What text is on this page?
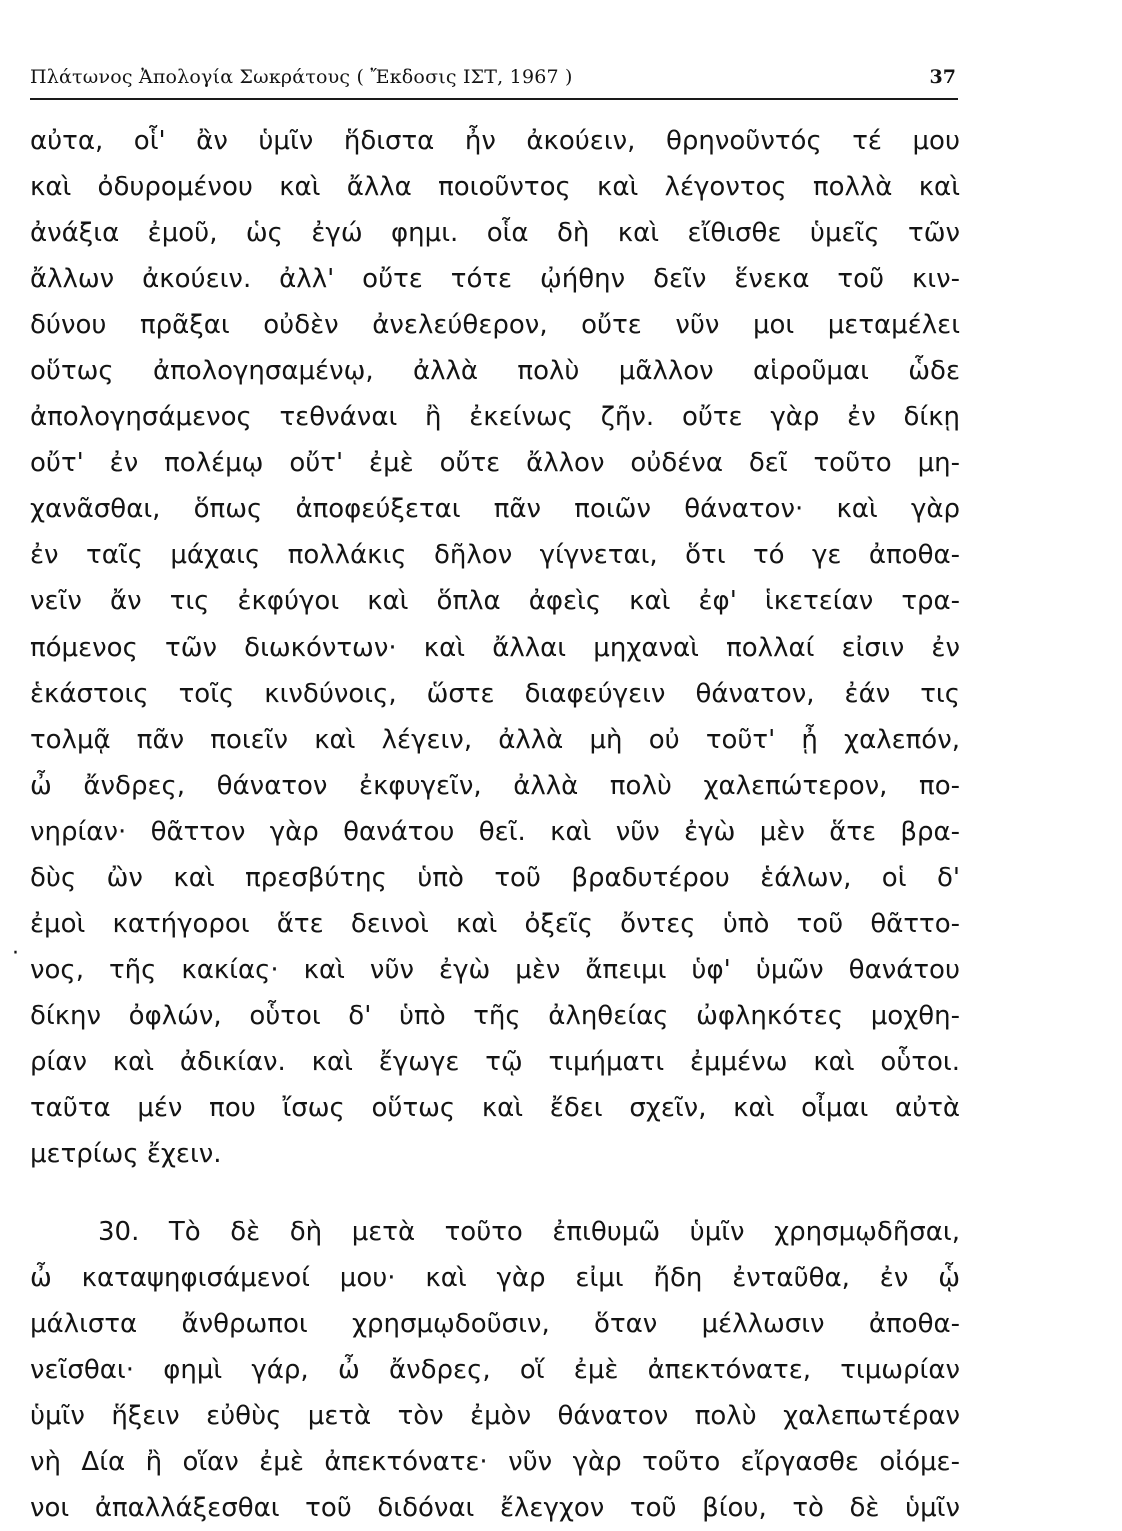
Πλάτωνος Ἀπολογία Σωκράτους ( Ἔκδοσις ΙΣΤ, 1967 )	37
·
αὐτα, οἷ' ἂν ὑμῖν ἥδιστα ἦν ἀκούειν, θρηνοῦντός τέ μου
καὶ ὀδυρομένου καὶ ἄλλα ποιοῦντος καὶ λέγοντος πολλὰ καὶ
ἀνάξια ἐμοῦ, ὡς ἐγώ φημι. οἷα δὴ καὶ εἴθισθε ὑμεῖς τῶν
ἄλλων ἀκούειν. ἀλλ' οὔτε τότε ᾠήθην δεῖν ἕνεκα τοῦ κιν-
δύνου πρᾶξαι οὐδὲν ἀνελεύθερον, οὔτε νῦν μοι μεταμέλει
οὕτως ἀπολογησαμένῳ, ἀλλὰ πολὺ μᾶλλον αἱροῦμαι ὧδε
ἀπολογησάμενος τεθνάναι ἢ ἐκείνως ζῆν. οὔτε γὰρ ἐν δίκῃ
οὔτ' ἐν πολέμῳ οὔτ' ἐμὲ οὔτε ἄλλον οὐδένα δεῖ τοῦτο μη-
χανᾶσθαι, ὅπως ἀποφεύξεται πᾶν ποιῶν θάνατον· καὶ γὰρ
ἐν ταῖς μάχαις πολλάκις δῆλον γίγνεται, ὅτι τό γε ἀποθα-
νεῖν ἄν τις ἐκφύγοι καὶ ὅπλα ἀφεὶς καὶ ἐφ' ἱκετείαν τρα-
πόμενος τῶν διωκόντων· καὶ ἄλλαι μηχαναὶ πολλαί εἰσιν ἐν
ἑκάστοις τοῖς κινδύνοις, ὥστε διαφεύγειν θάνατον, ἐάν τις
τολμᾷ πᾶν ποιεῖν καὶ λέγειν, ἀλλὰ μὴ οὐ τοῦτ' ᾖ χαλεπόν,
ὦ ἄνδρες, θάνατον ἐκφυγεῖν, ἀλλὰ πολὺ χαλεπώτερον, πο-
νηρίαν· θᾶττον γὰρ θανάτου θεῖ. καὶ νῦν ἐγὼ μὲν ἅτε βρα-
δὺς ὢν καὶ πρεσβύτης ὑπὸ τοῦ βραδυτέρου ἑάλων, οἱ δ'
ἐμοὶ κατήγοροι ἅτε δεινοὶ καὶ ὀξεῖς ὄντες ὑπὸ τοῦ θᾶττο-
νος, τῆς κακίας· καὶ νῦν ἐγὼ μὲν ἄπειμι ὑφ' ὑμῶν θανάτου
δίκην ὀφλών, οὗτοι δ' ὑπὸ τῆς ἀληθείας ὠφληκότες μοχθη-
ρίαν καὶ ἀδικίαν. καὶ ἔγωγε τῷ τιμήματι ἐμμένω καὶ οὗτοι.
ταῦτα μέν που ἴσως οὕτως καὶ ἔδει σχεῖν, καὶ οἶμαι αὐτὰ
μετρίως ἔχειν.
30. Τὸ δὲ δὴ μετὰ τοῦτο ἐπιθυμῶ ὑμῖν χρησμῳδῆσαι,
ὦ καταψηφισάμενοί μου· καὶ γὰρ εἰμι ἤδη ἐνταῦθα, ἐν ᾧ
μάλιστα ἄνθρωποι χρησμῳδοῦσιν, ὅταν μέλλωσιν ἀποθα-
νεῖσθαι· φημὶ γάρ, ὦ ἄνδρες, οἵ ἐμὲ ἀπεκτόνατε, τιμωρίαν
ὑμῖν ἥξειν εὐθὺς μετὰ τὸν ἐμὸν θάνατον πολὺ χαλεπωτέραν
νὴ Δία ἢ οἵαν ἐμὲ ἀπεκτόνατε· νῦν γὰρ τοῦτο εἴργασθε οἰόμε-
νοι ἀπαλλάξεσθαι τοῦ διδόναι ἔλεγχον τοῦ βίου, τὸ δὲ ὑμῖν
